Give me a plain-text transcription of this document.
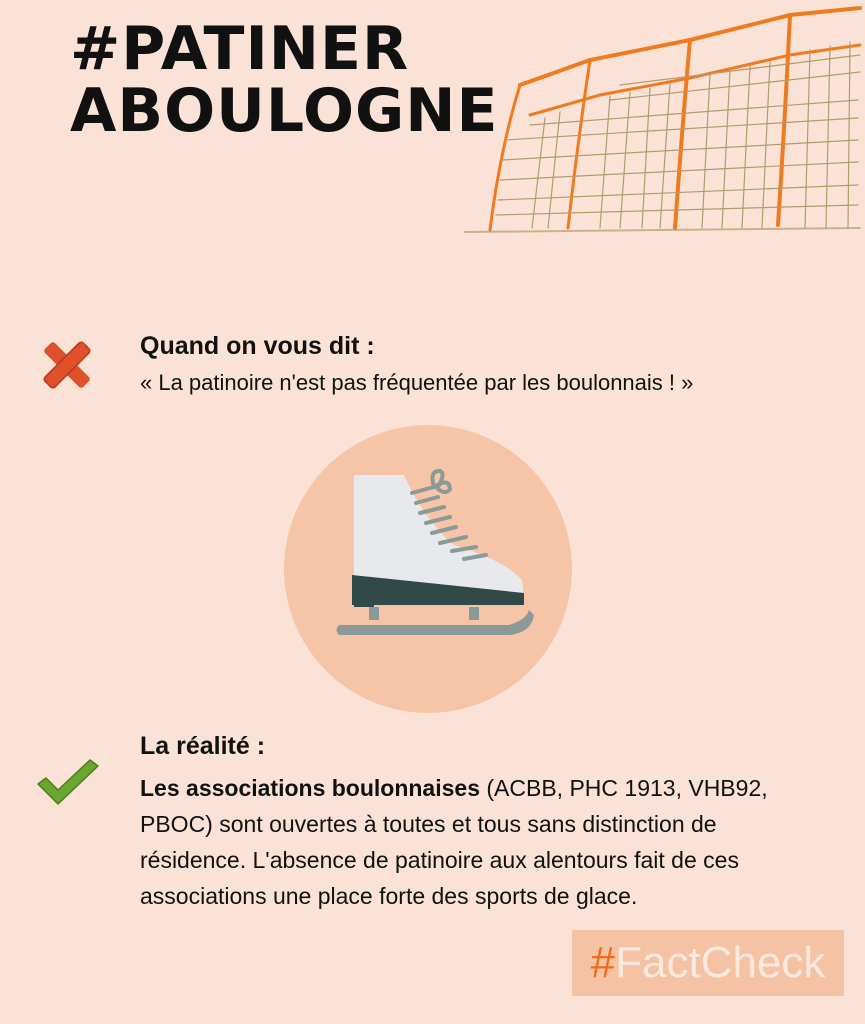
#PATINER
ABOULOGNE
Quand on vous dit :
« La patinoire n'est pas fréquentée par les boulonnais ! »
La réalité :
Les associations boulonnaises (ACBB, PHC 1913, VHB92, PBOC) sont ouvertes à toutes et tous sans distinction de résidence. L'absence de patinoire aux alentours fait de ces associations une place forte des sports de glace.
#FactCheck
